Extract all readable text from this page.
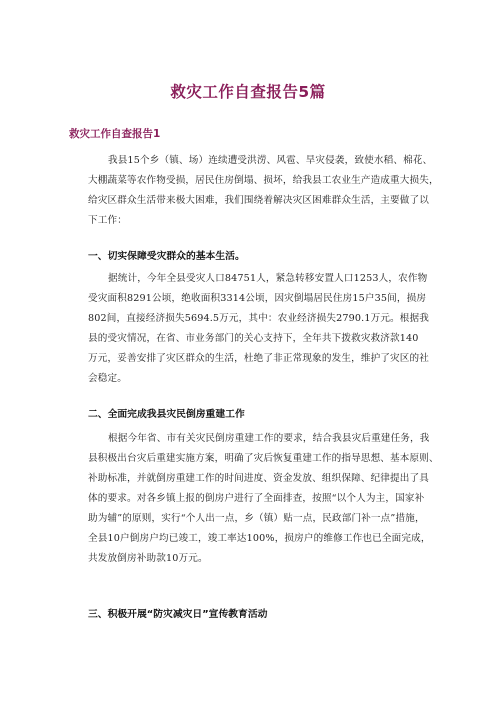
救灾工作自查报告5篇
救灾工作自查报告1
我县15个乡（镇、场）连续遭受洪涝、风雹、旱灾侵袭，致使水稻、棉花、
大棚蔬菜等农作物受损，居民住房倒塌、损坏，给我县工农业生产造成重大损失，
给灾区群众生活带来极大困难，我们围绕着解决灾区困难群众生活，主要做了以
下工作：
一、切实保障受灾群众的基本生活。
据统计，今年全县受灾人口84751人，紧急转移安置人口1253人，农作物
受灾面积8291公顷，绝收面积3314公顷，因灾倒塌居民住房15户35间，损房
802间，直接经济损失5694.5万元，其中：农业经济损失2790.1万元。根据我
县的受灾情况，在省、市业务部门的关心支持下，全年共下拨救灾救济款140
万元，妥善安排了灾区群众的生活，杜绝了非正常现象的发生，维护了灾区的社
会稳定。
二、全面完成我县灾民倒房重建工作
根据今年省、市有关灾民倒房重建工作的要求，结合我县灾后重建任务，我
县积极出台灾后重建实施方案，明确了灾后恢复重建工作的指导思想、基本原则、
补助标准，并就倒房重建工作的时间进度、资金发放、组织保障、纪律提出了具
体的要求。对各乡镇上报的倒房户进行了全面排查，按照“以个人为主，国家补
助为辅”的原则，实行“个人出一点，乡（镇）贴一点，民政部门补一点”措施，
全县10户倒房户均已竣工，竣工率达100%，损房户的维修工作也已全面完成，
共发放倒房补助款10万元。
三、积极开展“防灾减灾日”宣传教育活动
